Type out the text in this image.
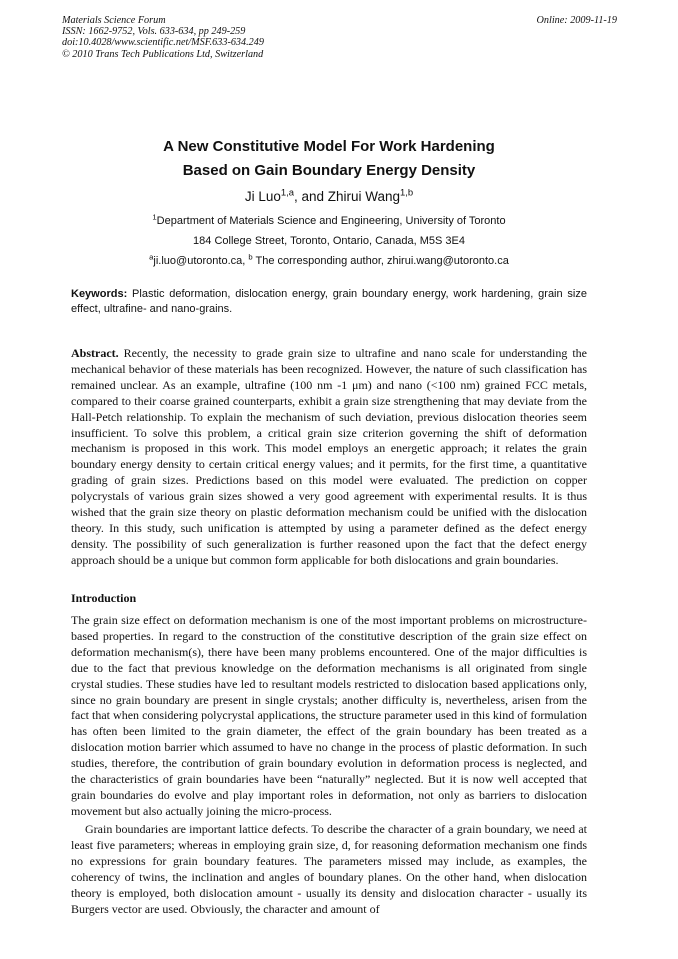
Materials Science Forum
ISSN: 1662-9752, Vols. 633-634, pp 249-259
doi:10.4028/www.scientific.net/MSF.633-634.249
© 2010 Trans Tech Publications Ltd, Switzerland
Online: 2009-11-19
A New Constitutive Model For Work Hardening
Based on Gain Boundary Energy Density
Ji Luo$^{1,a}$, and Zhirui Wang$^{1,b}$
$^1$Department of Materials Science and Engineering, University of Toronto
184 College Street, Toronto, Ontario, Canada, M5S 3E4
$^a$ji.luo@utoronto.ca, $^b$ The corresponding author, zhirui.wang@utoronto.ca
Keywords: Plastic deformation, dislocation energy, grain boundary energy, work hardening, grain size effect, ultrafine- and nano-grains.

Abstract. Recently, the necessity to grade grain size to ultrafine and nano scale for understanding the mechanical behavior of these materials has been recognized. However, the nature of such classification has remained unclear. As an example, ultrafine (100 nm -1 μm) and nano (<100 nm) grained FCC metals, compared to their coarse grained counterparts, exhibit a grain size strengthening that may deviate from the Hall-Petch relationship. To explain the mechanism of such deviation, previous dislocation theories seem insufficient. To solve this problem, a critical grain size criterion governing the shift of deformation mechanism is proposed in this work. This model employs an energetic approach; it relates the grain boundary energy density to certain critical energy values; and it permits, for the first time, a quantitative grading of grain sizes. Predictions based on this model were evaluated. The prediction on copper polycrystals of various grain sizes showed a very good agreement with experimental results. It is thus wished that the grain size theory on plastic deformation mechanism could be unified with the dislocation theory. In this study, such unification is attempted by using a parameter defined as the defect energy density. The possibility of such generalization is further reasoned upon the fact that the defect energy approach should be a unique but common form applicable for both dislocations and grain boundaries.

Introduction

The grain size effect on deformation mechanism is one of the most important problems on microstructure-based properties. In regard to the construction of the constitutive description of the grain size effect on deformation mechanism(s), there have been many problems encountered. One of the major difficulties is due to the fact that previous knowledge on the deformation mechanisms is all originated from single crystal studies. These studies have led to resultant models restricted to dislocation based applications only, since no grain boundary are present in single crystals; another difficulty is, nevertheless, arisen from the fact that when considering polycrystal applications, the structure parameter used in this kind of formulation has often been limited to the grain diameter, the effect of the grain boundary has been treated as a dislocation motion barrier which assumed to have no change in the process of plastic deformation. In such studies, therefore, the contribution of grain boundary evolution in deformation process is neglected, and the characteristics of grain boundaries have been “naturally” neglected. But it is now well accepted that grain boundaries do evolve and play important roles in deformation, not only as barriers to dislocation movement but also actually joining the micro-process.

Grain boundaries are important lattice defects. To describe the character of a grain boundary, we need at least five parameters; whereas in employing grain size, d, for reasoning deformation mechanism one finds no expressions for grain boundary features. The parameters missed may include, as examples, the coherency of twins, the inclination and angles of boundary planes. On the other hand, when dislocation theory is employed, both dislocation amount - usually its density and dislocation character - usually its Burgers vector are used. Obviously, the character and amount of
